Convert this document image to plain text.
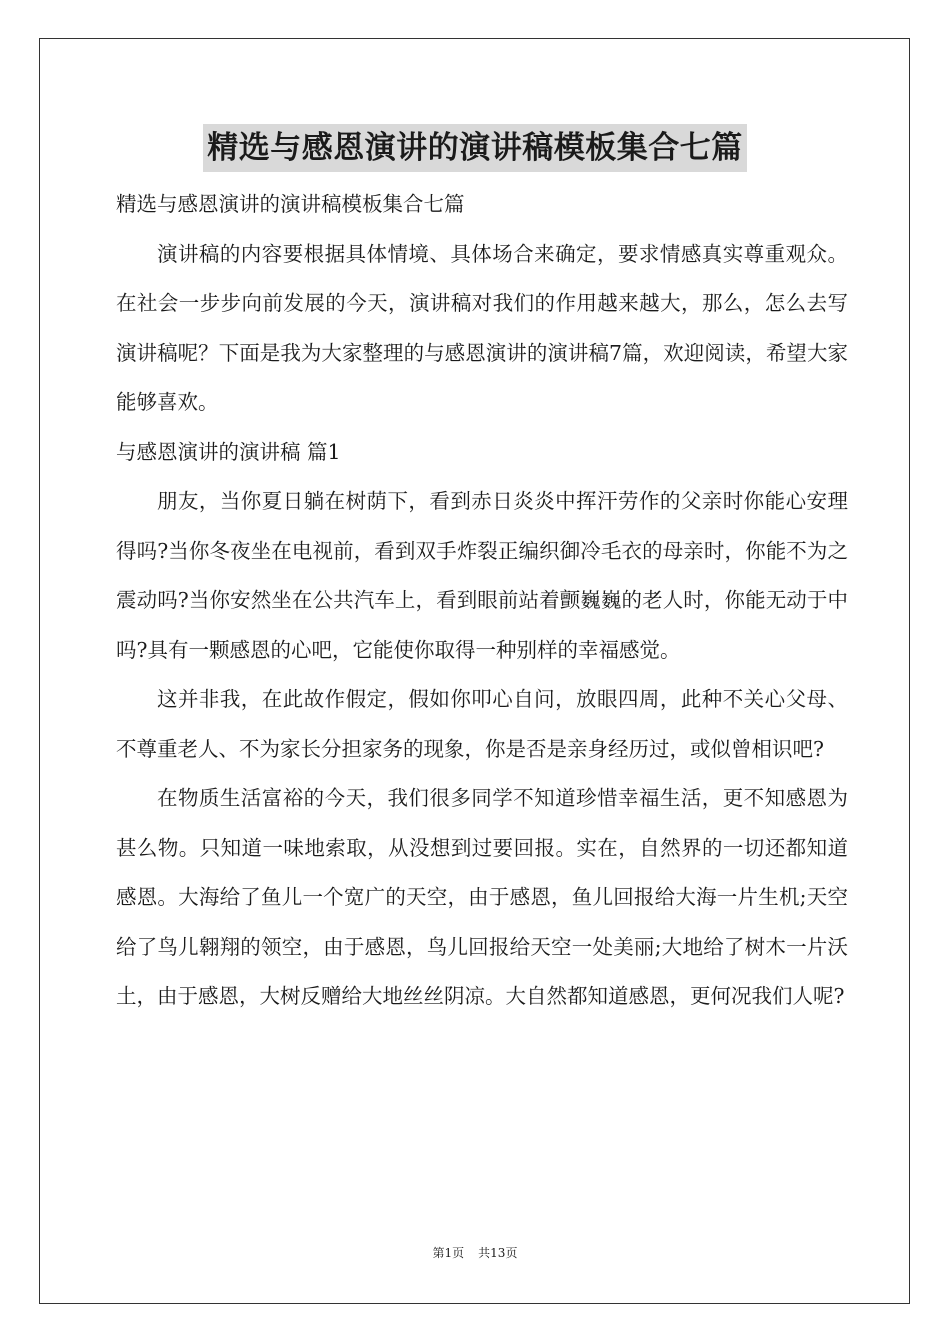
精选与感恩演讲的演讲稿模板集合七篇

精选与感恩演讲的演讲稿模板集合七篇

演讲稿的内容要根据具体情境、具体场合来确定，要求情感真实尊重观众。在社会一步步向前发展的今天，演讲稿对我们的作用越来越大，那么，怎么去写演讲稿呢？下面是我为大家整理的与感恩演讲的演讲稿7篇，欢迎阅读，希望大家能够喜欢。

与感恩演讲的演讲稿 篇1

朋友，当你夏日躺在树荫下，看到赤日炎炎中挥汗劳作的父亲时你能心安理得吗?当你冬夜坐在电视前，看到双手炸裂正编织御冷毛衣的母亲时，你能不为之震动吗?当你安然坐在公共汽车上，看到眼前站着颤巍巍的老人时，你能无动于中吗?具有一颗感恩的心吧，它能使你取得一种别样的幸福感觉。

这并非我，在此故作假定，假如你叩心自问，放眼四周，此种不关心父母、不尊重老人、不为家长分担家务的现象，你是否是亲身经历过，或似曾相识吧?

在物质生活富裕的今天，我们很多同学不知道珍惜幸福生活，更不知感恩为甚么物。只知道一味地索取，从没想到过要回报。实在，自然界的一切还都知道感恩。大海给了鱼儿一个宽广的天空，由于感恩，鱼儿回报给大海一片生机;天空给了鸟儿翱翔的领空，由于感恩，鸟儿回报给天空一处美丽;大地给了树木一片沃土，由于感恩，大树反赠给大地丝丝阴凉。大自然都知道感恩，更何况我们人呢?

第1页 共13页
